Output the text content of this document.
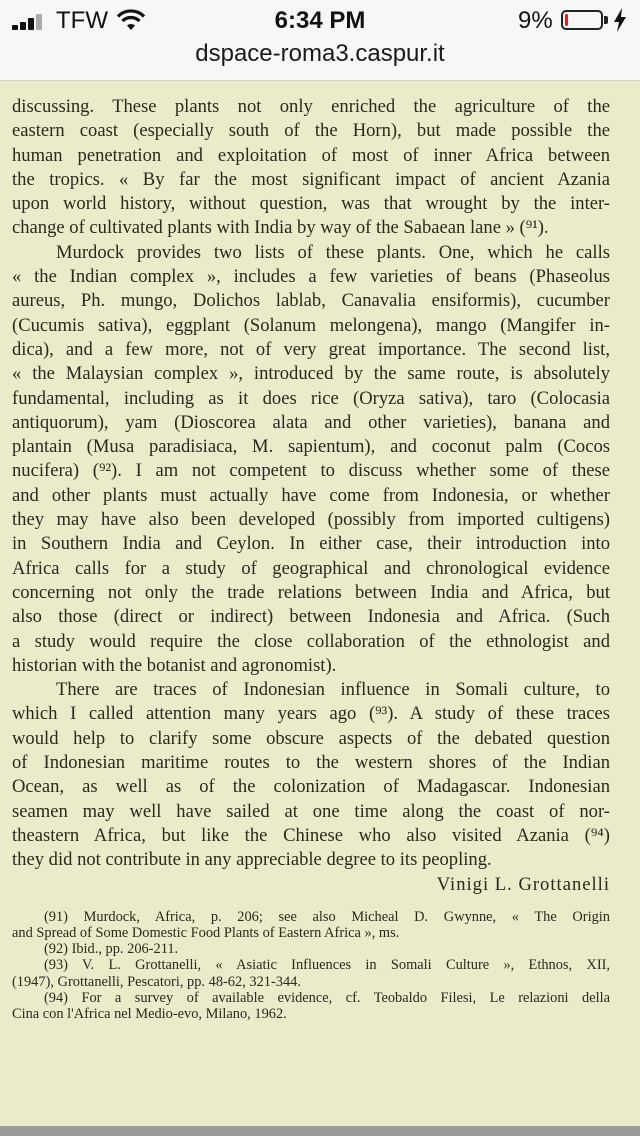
TFW	6:34 PM	9%
dspace-roma3.caspur.it
discussing. These plants not only enriched the agriculture of the
eastern coast (especially south of the Horn), but made possible the
human penetration and exploitation of most of inner Africa between
the tropics. « By far the most significant impact of ancient Azania
upon world history, without question, was that wrought by the inter-
change of cultivated plants with India by way of the Sabaean lane » (⁹¹).
Murdock provides two lists of these plants. One, which he calls
« the Indian complex », includes a few varieties of beans (Phaseolus
aureus, Ph. mungo, Dolichos lablab, Canavalia ensiformis), cucumber
(Cucumis sativa), eggplant (Solanum melongena), mango (Mangifer in-
dica), and a few more, not of very great importance. The second list,
« the Malaysian complex », introduced by the same route, is absolutely
fundamental, including as it does rice (Oryza sativa), taro (Colocasia
antiquorum), yam (Dioscorea alata and other varieties), banana and
plantain (Musa paradisiaca, M. sapientum), and coconut palm (Cocos
nucifera) (⁹²). I am not competent to discuss whether some of these
and other plants must actually have come from Indonesia, or whether
they may have also been developed (possibly from imported cultigens)
in Southern India and Ceylon. In either case, their introduction into
Africa calls for a study of geographical and chronological evidence
concerning not only the trade relations between India and Africa, but
also those (direct or indirect) between Indonesia and Africa. (Such
a study would require the close collaboration of the ethnologist and
historian with the botanist and agronomist).
There are traces of Indonesian influence in Somali culture, to
which I called attention many years ago (⁹³). A study of these traces
would help to clarify some obscure aspects of the debated question
of Indonesian maritime routes to the western shores of the Indian
Ocean, as well as of the colonization of Madagascar. Indonesian
seamen may well have sailed at one time along the coast of nor-
theastern Africa, but like the Chinese who also visited Azania (⁹⁴)
they did not contribute in any appreciable degree to its peopling.
Vinigi L. Grottanelli
(91) Murdock, Africa, p. 206; see also Micheal D. Gwynne, « The Origin
and Spread of Some Domestic Food Plants of Eastern Africa », ms.
(92) Ibid., pp. 206-211.
(93) V. L. Grottanelli, « Asiatic Influences in Somali Culture », Ethnos, XII,
(1947), Grottanelli, Pescatori, pp. 48-62, 321-344.
(94) For a survey of available evidence, cf. Teobaldo Filesi, Le relazioni della
Cina con l'Africa nel Medio-evo, Milano, 1962.
